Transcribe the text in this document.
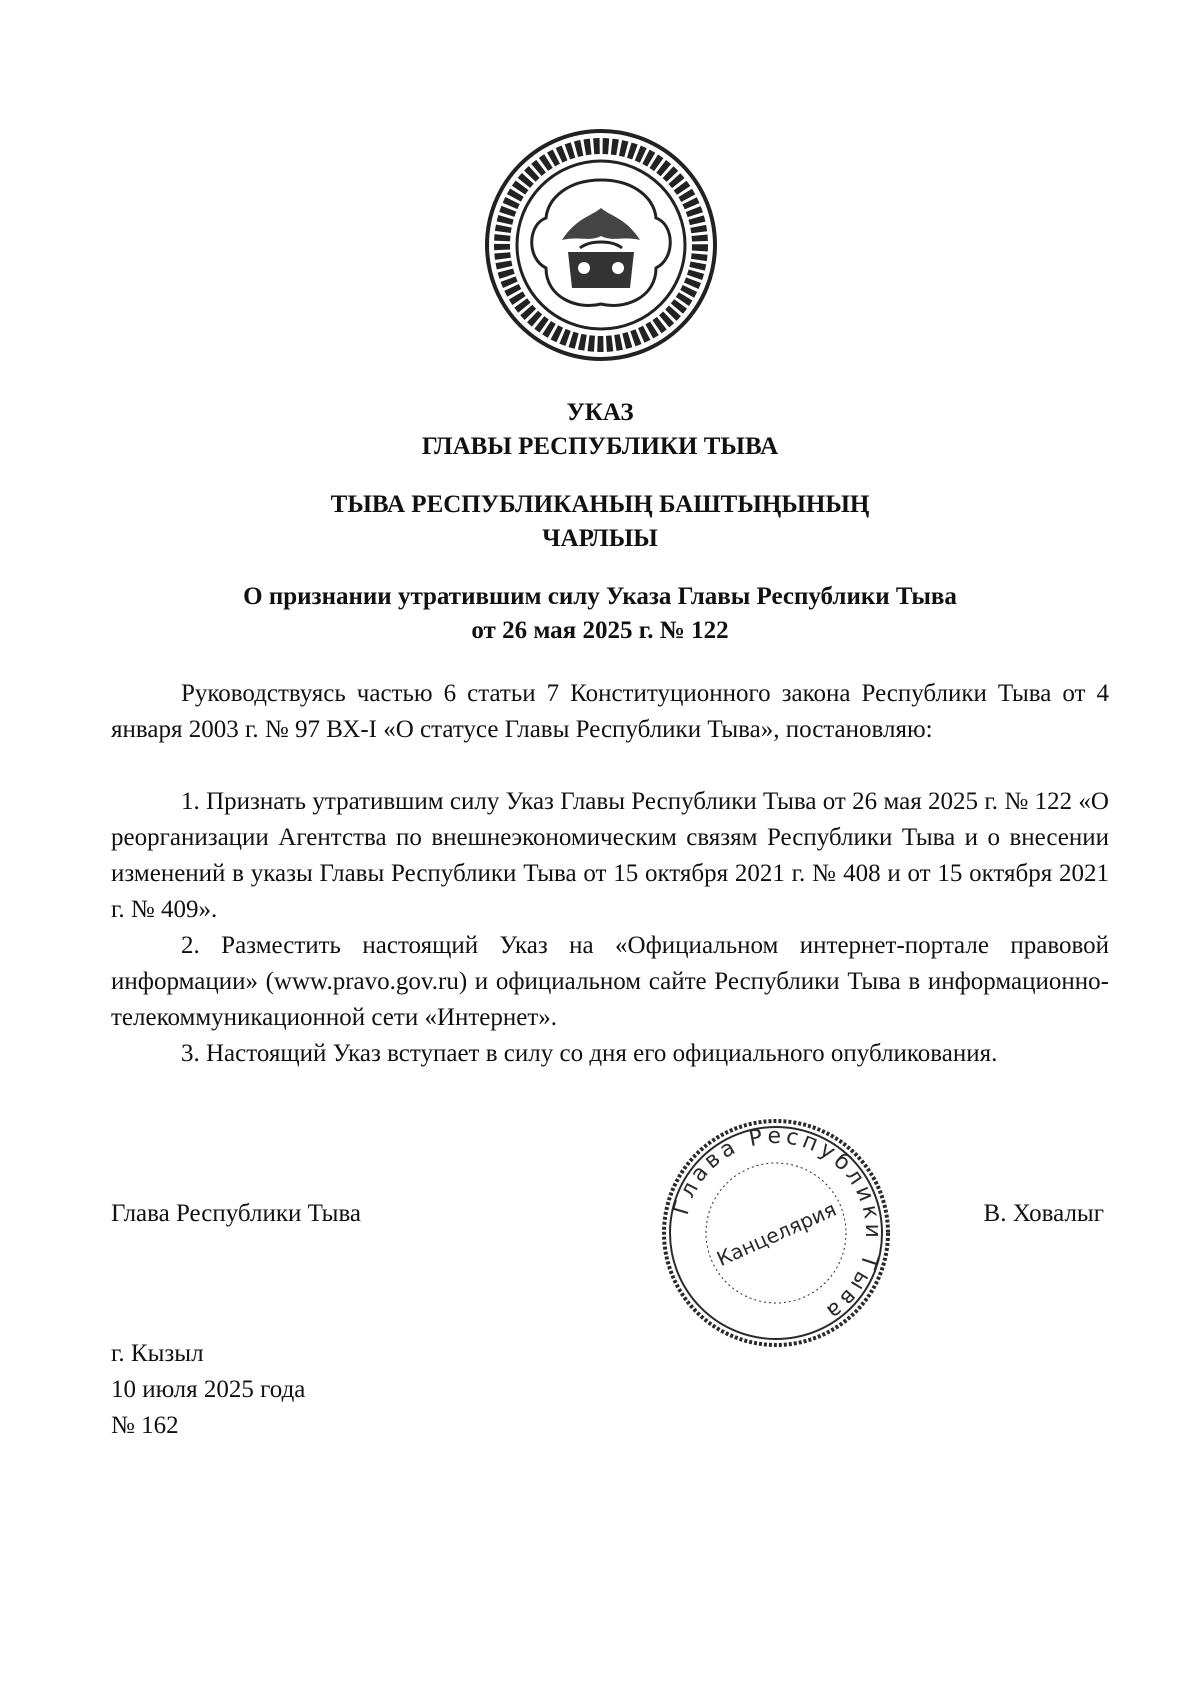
УКАЗ
ГЛАВЫ РЕСПУБЛИКИ ТЫВА
ТЫВА РЕСПУБЛИКАНЫҢ БАШТЫҢЫНЫҢ
ЧАРЛЫЫ
О признании утратившим силу Указа Главы Республики Тыва
от 26 мая 2025 г. № 122

Руководствуясь частью 6 статьи 7 Конституционного закона Республики Тыва от 4 января 2003 г. № 97 ВХ-I «О статусе Главы Республики Тыва», постановляю:

1. Признать утратившим силу Указ Главы Республики Тыва от 26 мая 2025 г. № 122 «О реорганизации Агентства по внешнеэкономическим связям Республики Тыва и о внесении изменений в указы Главы Республики Тыва от 15 октября 2021 г. № 408 и от 15 октября 2021 г. № 409».

2. Разместить настоящий Указ на «Официальном интернет-портале правовой информации» (www.pravo.gov.ru) и официальном сайте Республики Тыва в информационно-телекоммуникационной сети «Интернет».

3. Настоящий Указ вступает в силу со дня его официального опубликования.

Глава Республики Тыва	В. Ховалыг
Глава Республики Тыва
Канцелярия
г. Кызыл
10 июля 2025 года
№ 162
